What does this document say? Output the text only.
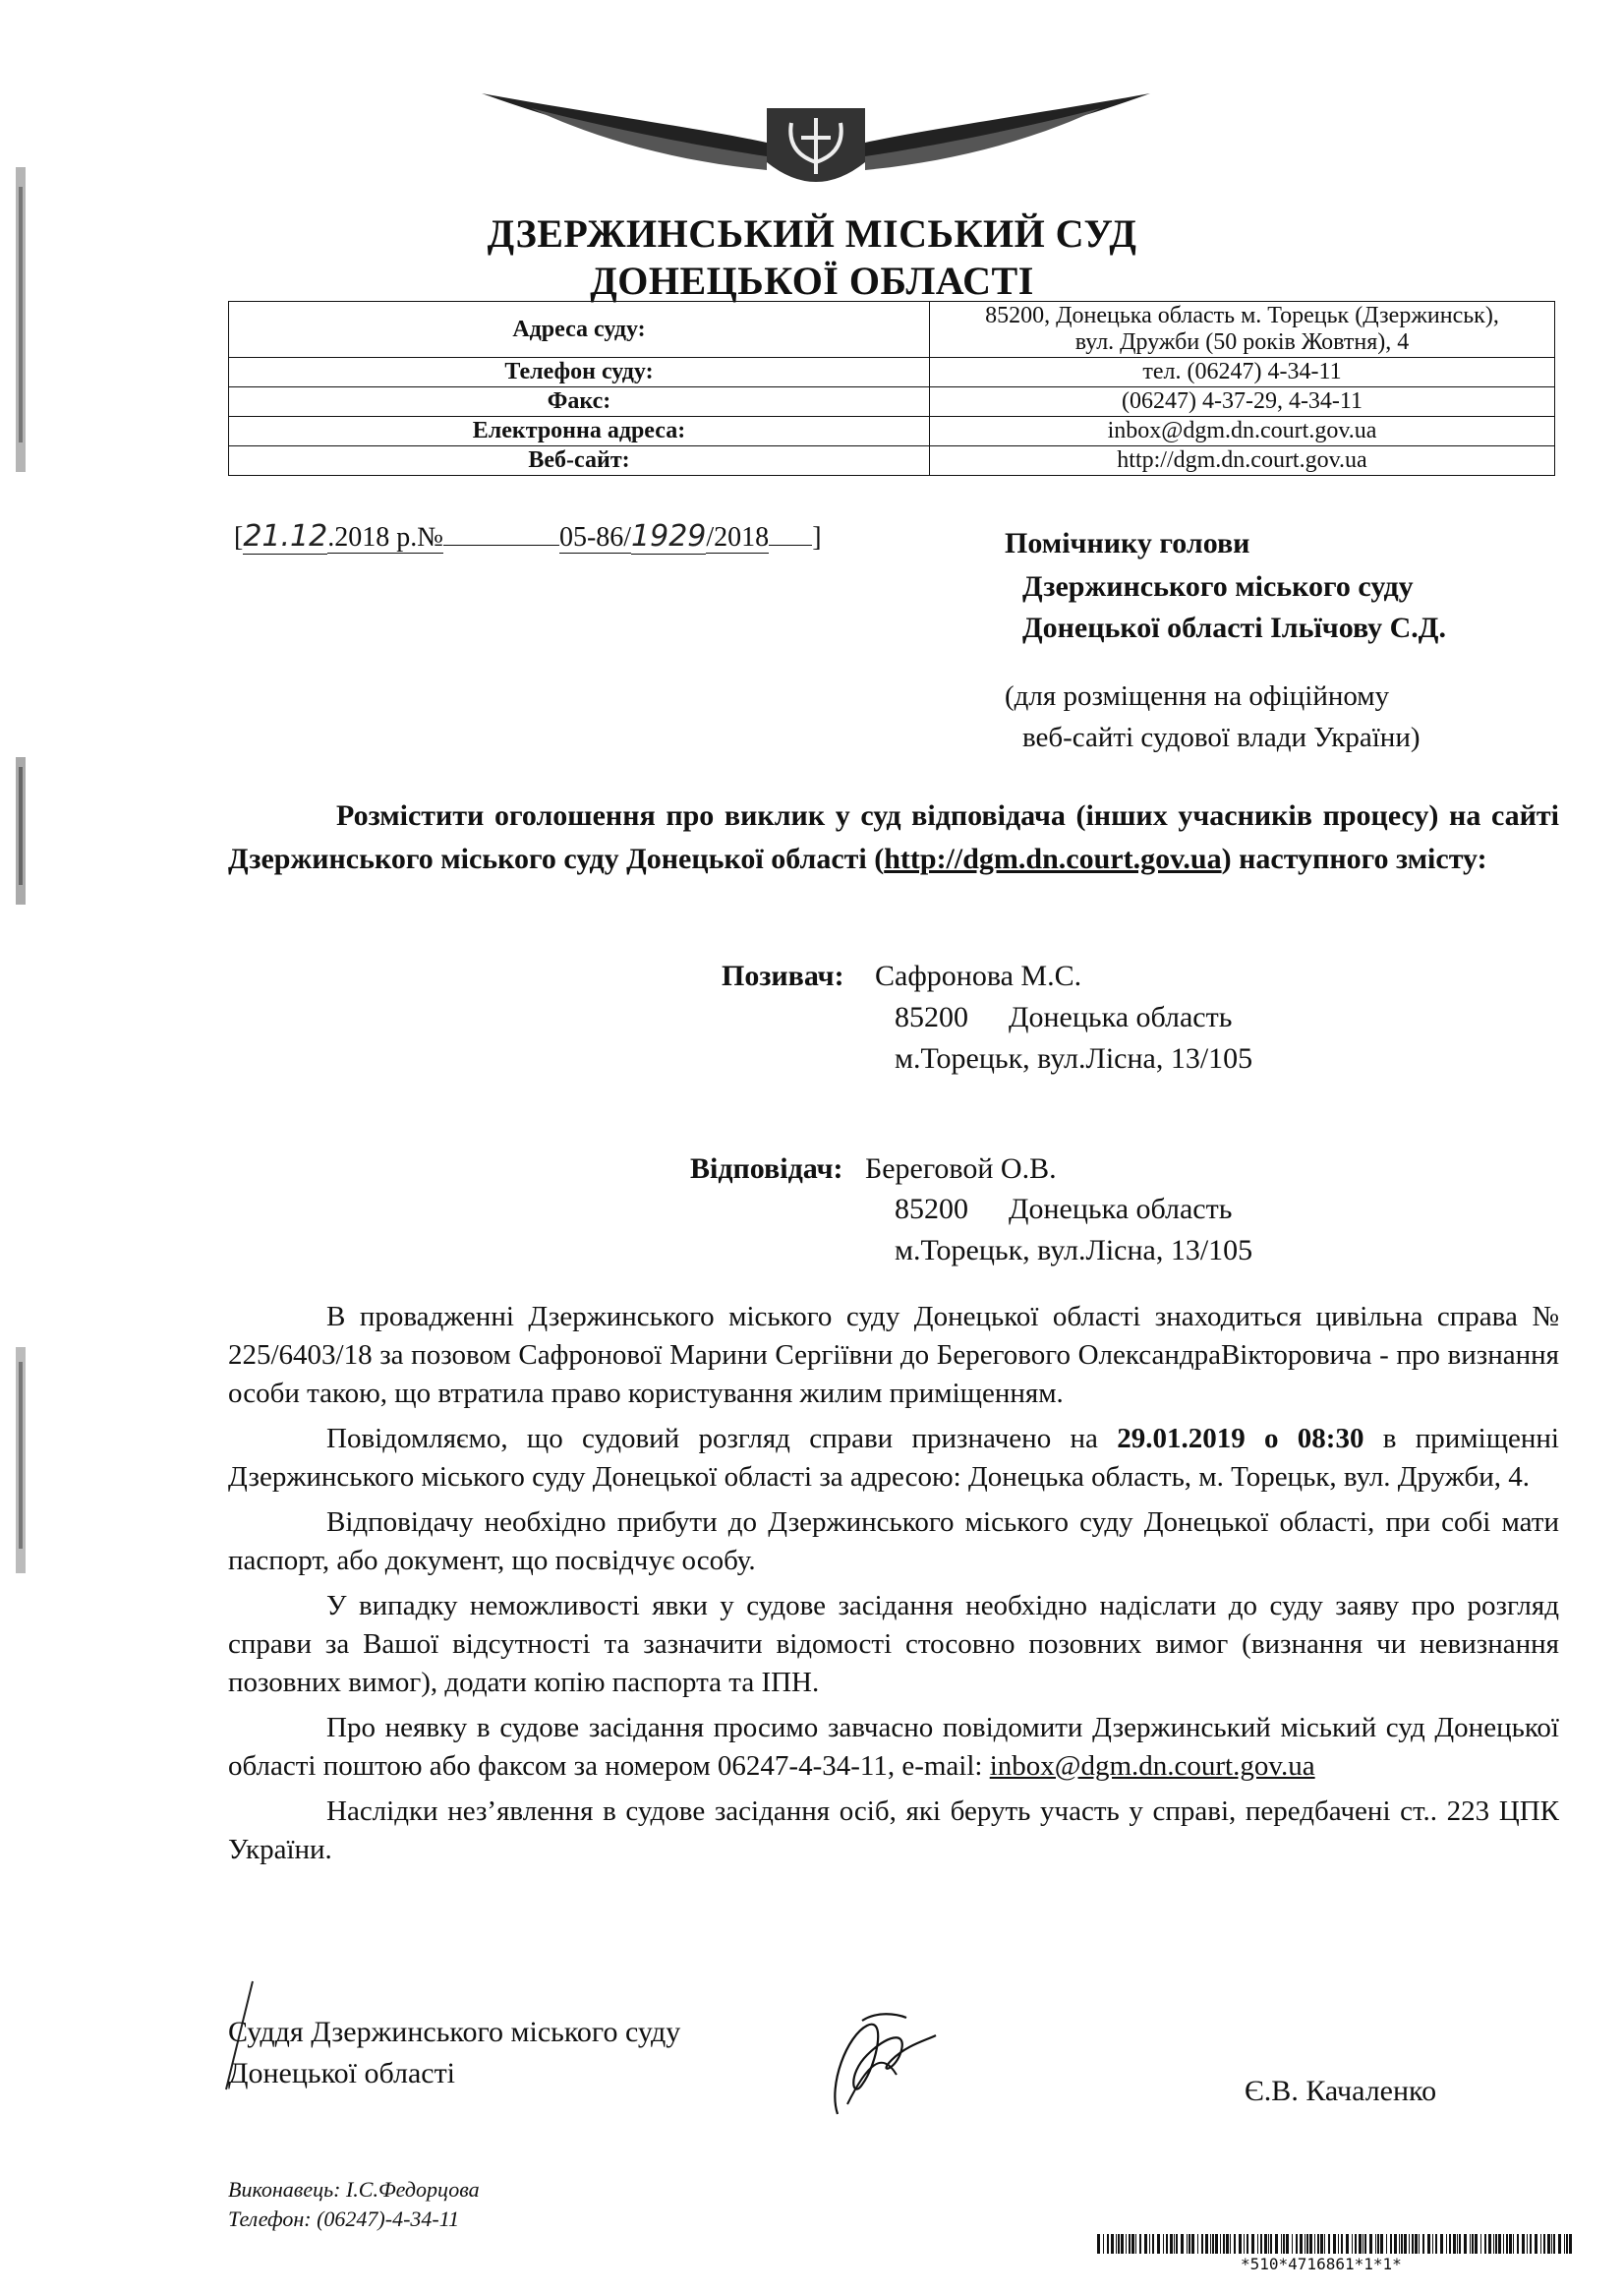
ДЗЕРЖИНСЬКИЙ МІСЬКИЙ СУД
ДОНЕЦЬКОЇ ОБЛАСТІ
Адреса суду:	85200, Донецька область м. Торецьк (Дзержинськ),
вул. Дружби (50 років Жовтня), 4

Телефон суду:	тел. (06247) 4-34-11
Факс:	(06247) 4-37-29, 4-34-11
Електронна адреса:	inbox@dgm.dn.court.gov.ua
Веб-сайт:	http://dgm.dn.court.gov.ua
[21.12.2018 р.№	05-86/1929/2018 ]	Помічнику голови
Дзержинського міського суду
Донецької області Ільїчову С.Д.
(для розміщення на офіційному
веб-сайті судової влади України)
Розмістити оголошення про виклик у суд відповідача (інших учасників процесу) на сайті Дзержинського міського суду Донецької області (http://dgm.dn.court.gov.ua) наступного змісту:
Позивач: Сафронова М.С.
85200 Донецька область
м.Торецьк, вул.Лісна, 13/105
Відповідач: Береговой О.В.
85200 Донецька область
м.Торецьк, вул.Лісна, 13/105

В провадженні Дзержинського міського суду Донецької області знаходиться цивільна справа № 225/6403/18 за позовом Сафронової Марини Сергіївни до Берегового ОлександраВікторовича - про визнання особи такою, що втратила право користування жилим приміщенням.

Повідомляємо, що судовий розгляд справи призначено на 29.01.2019 о 08:30 в приміщенні Дзержинського міського суду Донецької області за адресою: Донецька область, м. Торецьк, вул. Дружби, 4.

Відповідачу необхідно прибути до Дзержинського міського суду Донецької області, при собі мати паспорт, або документ, що посвідчує особу.

У випадку неможливості явки у судове засідання необхідно надіслати до суду заяву про розгляд справи за Вашої відсутності та зазначити відомості стосовно позовних вимог (визнання чи невизнання позовних вимог), додати копію паспорта та ІПН.

Про неявку в судове засідання просимо завчасно повідомити Дзержинський міський суд Донецької області поштою або факсом за номером 06247-4-34-11, e-mail: inbox@dgm.dn.court.gov.ua

Наслідки нез’явлення в судове засідання осіб, які беруть участь у справі, передбачені ст.. 223 ЦПК України.

Суддя Дзержинського міського суду
Донецької області
Є.В. Качаленко
Виконавець: І.С.Федорцова
Телефон: (06247)-4-34-11
*510*4716861*1*1*
